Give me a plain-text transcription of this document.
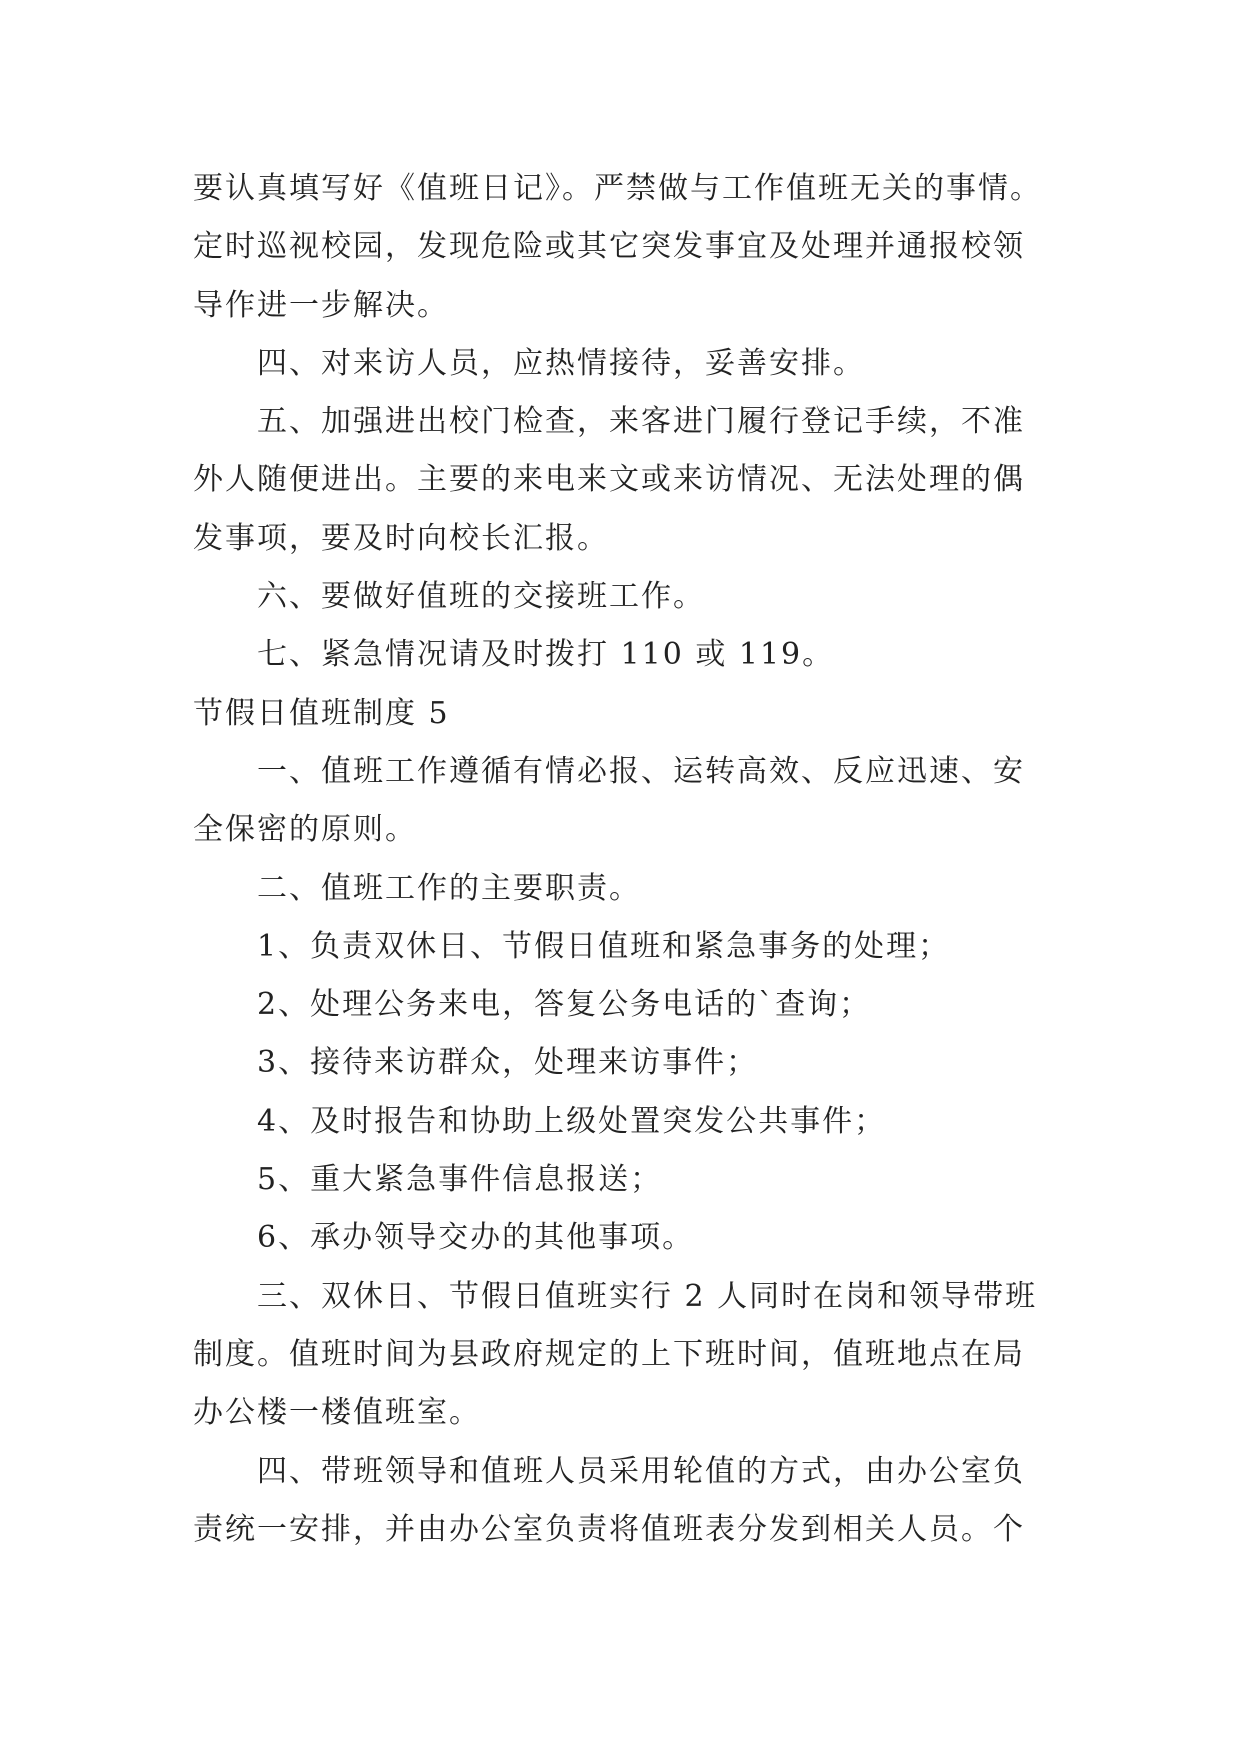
要认真填写好《值班日记》。严禁做与工作值班无关的事情。

定时巡视校园，发现危险或其它突发事宜及处理并通报校领

导作进一步解决。

四、对来访人员，应热情接待，妥善安排。

五、加强进出校门检查，来客进门履行登记手续，不准

外人随便进出。主要的来电来文或来访情况、无法处理的偶

发事项，要及时向校长汇报。

六、要做好值班的交接班工作。

七、紧急情况请及时拨打 110 或 119。

节假日值班制度 5

一、值班工作遵循有情必报、运转高效、反应迅速、安

全保密的原则。

二、值班工作的主要职责。

1、负责双休日、节假日值班和紧急事务的处理；

2、处理公务来电，答复公务电话的`查询；

3、接待来访群众，处理来访事件；

4、及时报告和协助上级处置突发公共事件；

5、重大紧急事件信息报送；

6、承办领导交办的其他事项。

三、双休日、节假日值班实行 2 人同时在岗和领导带班

制度。值班时间为县政府规定的上下班时间，值班地点在局

办公楼一楼值班室。

四、带班领导和值班人员采用轮值的方式，由办公室负

责统一安排，并由办公室负责将值班表分发到相关人员。个
